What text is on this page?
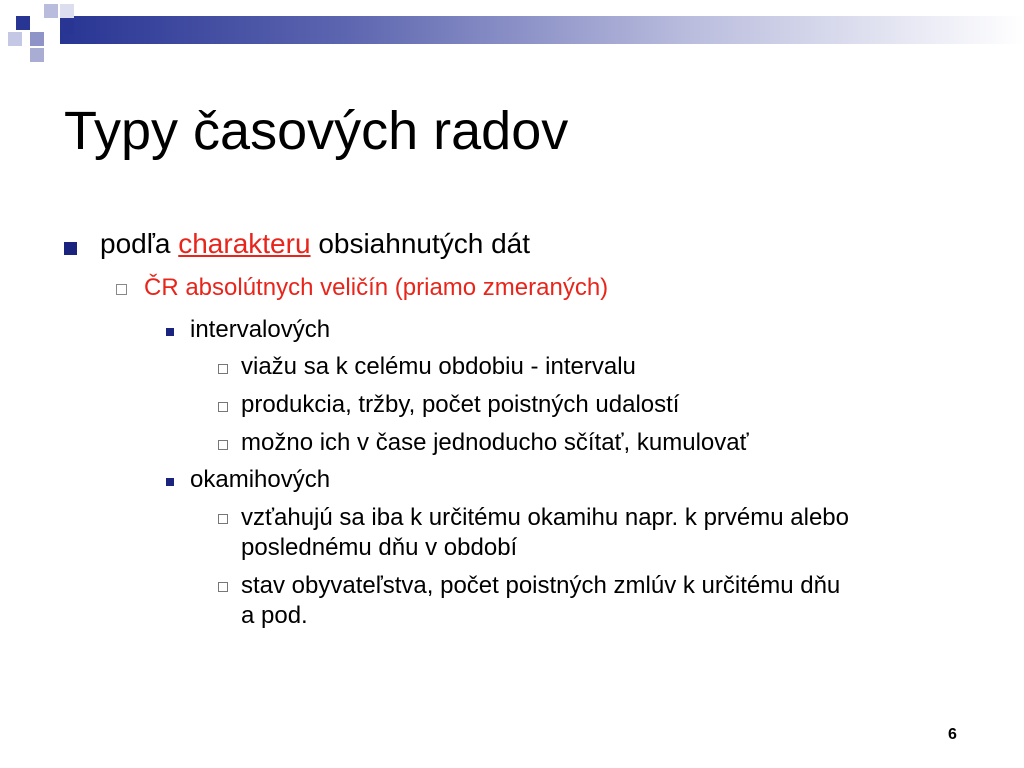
Typy časových radov
podľa charakteru obsiahnutých dát
ČR absolútnych veličín (priamo zmeraných)
intervalových
viažu sa k celému obdobiu - intervalu
produkcia, tržby, počet poistných udalostí
možno ich v čase jednoducho sčítať, kumulovať
okamihových
vzťahujú sa iba k určitému okamihu napr. k prvému alebo
poslednému dňu v období
stav obyvateľstva, počet poistných zmlúv k určitému dňu
a pod.
6
